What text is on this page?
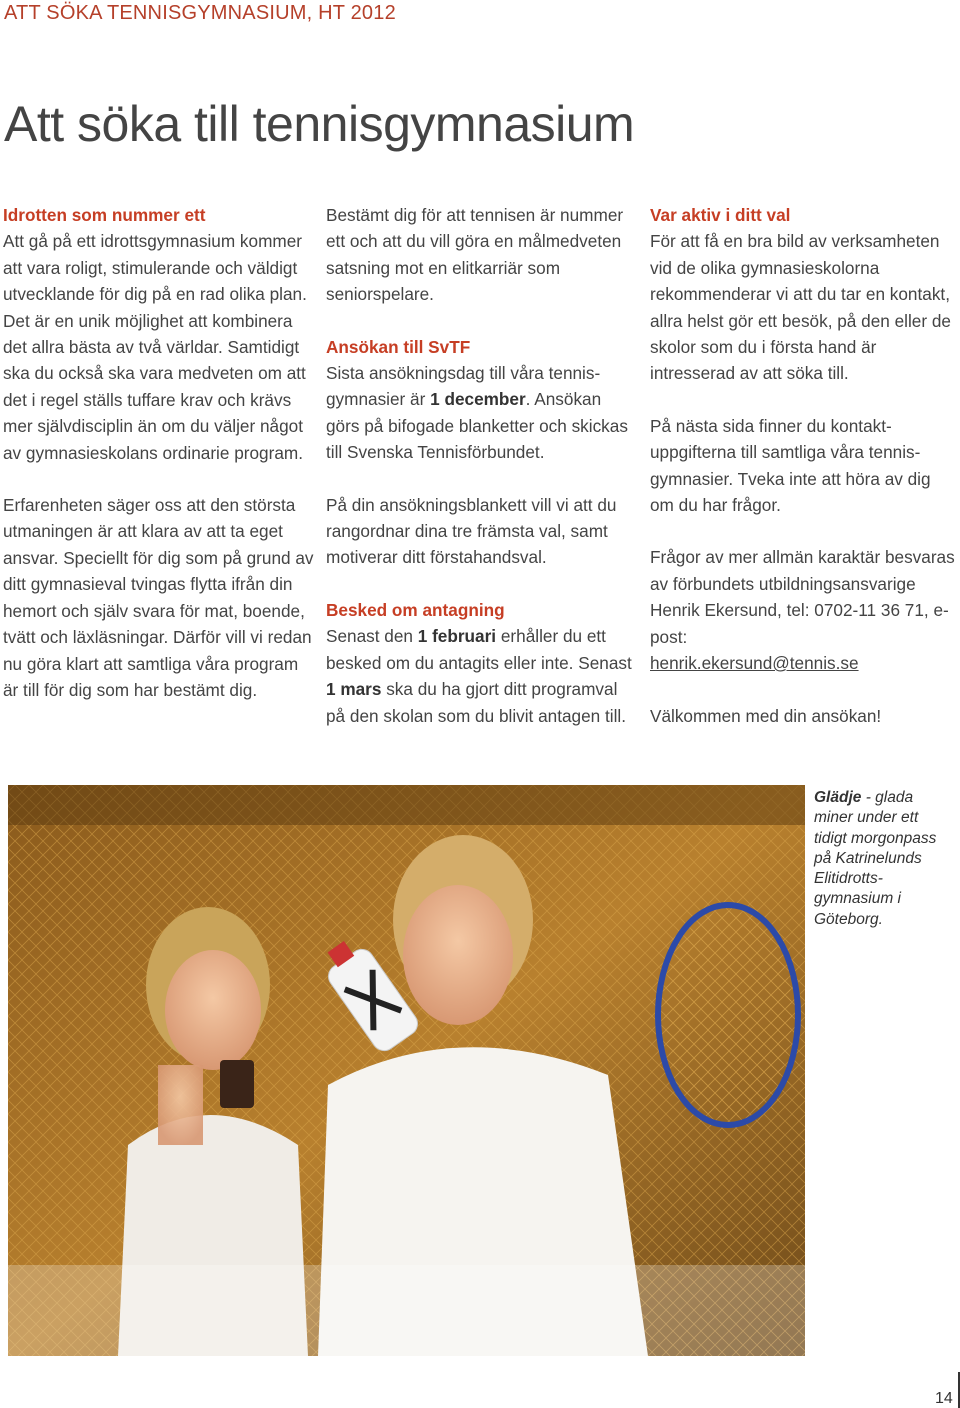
ATT SÖKA TENNISGYMNASIUM, HT 2012
Att söka till tennisgymnasium

Idrotten som nummer ett
Att gå på ett idrottsgymnasium kommer att vara roligt, stimulerande och väldigt utvecklande för dig på en rad olika plan. Det är en unik möjlighet att kombinera det allra bästa av två världar. Samtidigt ska du också ska vara medveten om att det i regel ställs tuffare krav och krävs mer självdisciplin än om du väljer något av gymnasieskolans ordinarie program.

Erfarenheten säger oss att den största utmaningen är att klara av att ta eget ansvar. Speciellt för dig som på grund av ditt gymnasieval tvingas flytta ifrån din hemort och själv svara för mat, boende, tvätt och läxläsningar. Därför vill vi redan nu göra klart att samtliga våra program är till för dig som har bestämt dig.

Bestämt dig för att tennisen är nummer ett och att du vill göra en målmedveten satsning mot en elitkarriär som seniorspelare.

Ansökan till SvTF
Sista ansökningsdag till våra tennisgymnasier är 1 december. Ansökan görs på bifogade blanketter och skickas till Svenska Tennisförbundet.

På din ansökningsblankett vill vi att du rangordnar dina tre främsta val, samt motiverar ditt förstahandsval.

Besked om antagning
Senast den 1 februari erhåller du ett besked om du antagits eller inte. Senast 1 mars ska du ha gjort ditt programval på den skolan som du blivit antagen till.

Var aktiv i ditt val
För att få en bra bild av verksamheten vid de olika gymnasieskolorna rekommenderar vi att du tar en kontakt, allra helst gör ett besök, på den eller de skolor som du i första hand är intresserad av att söka till.

På nästa sida finner du kontaktuppgifterna till samtliga våra tennisgymnasier. Tveka inte att höra av dig om du har frågor.

Frågor av mer allmän karaktär besvaras av förbundets utbildningsansvarige Henrik Ekersund, tel: 0702-11 36 71, e-post:
henrik.ekersund@tennis.se

Välkommen med din ansökan!

Glädje - glada miner under ett tidigt morgonpass på Katrinelunds Elitidrottsgymnasium i Göteborg.
14
